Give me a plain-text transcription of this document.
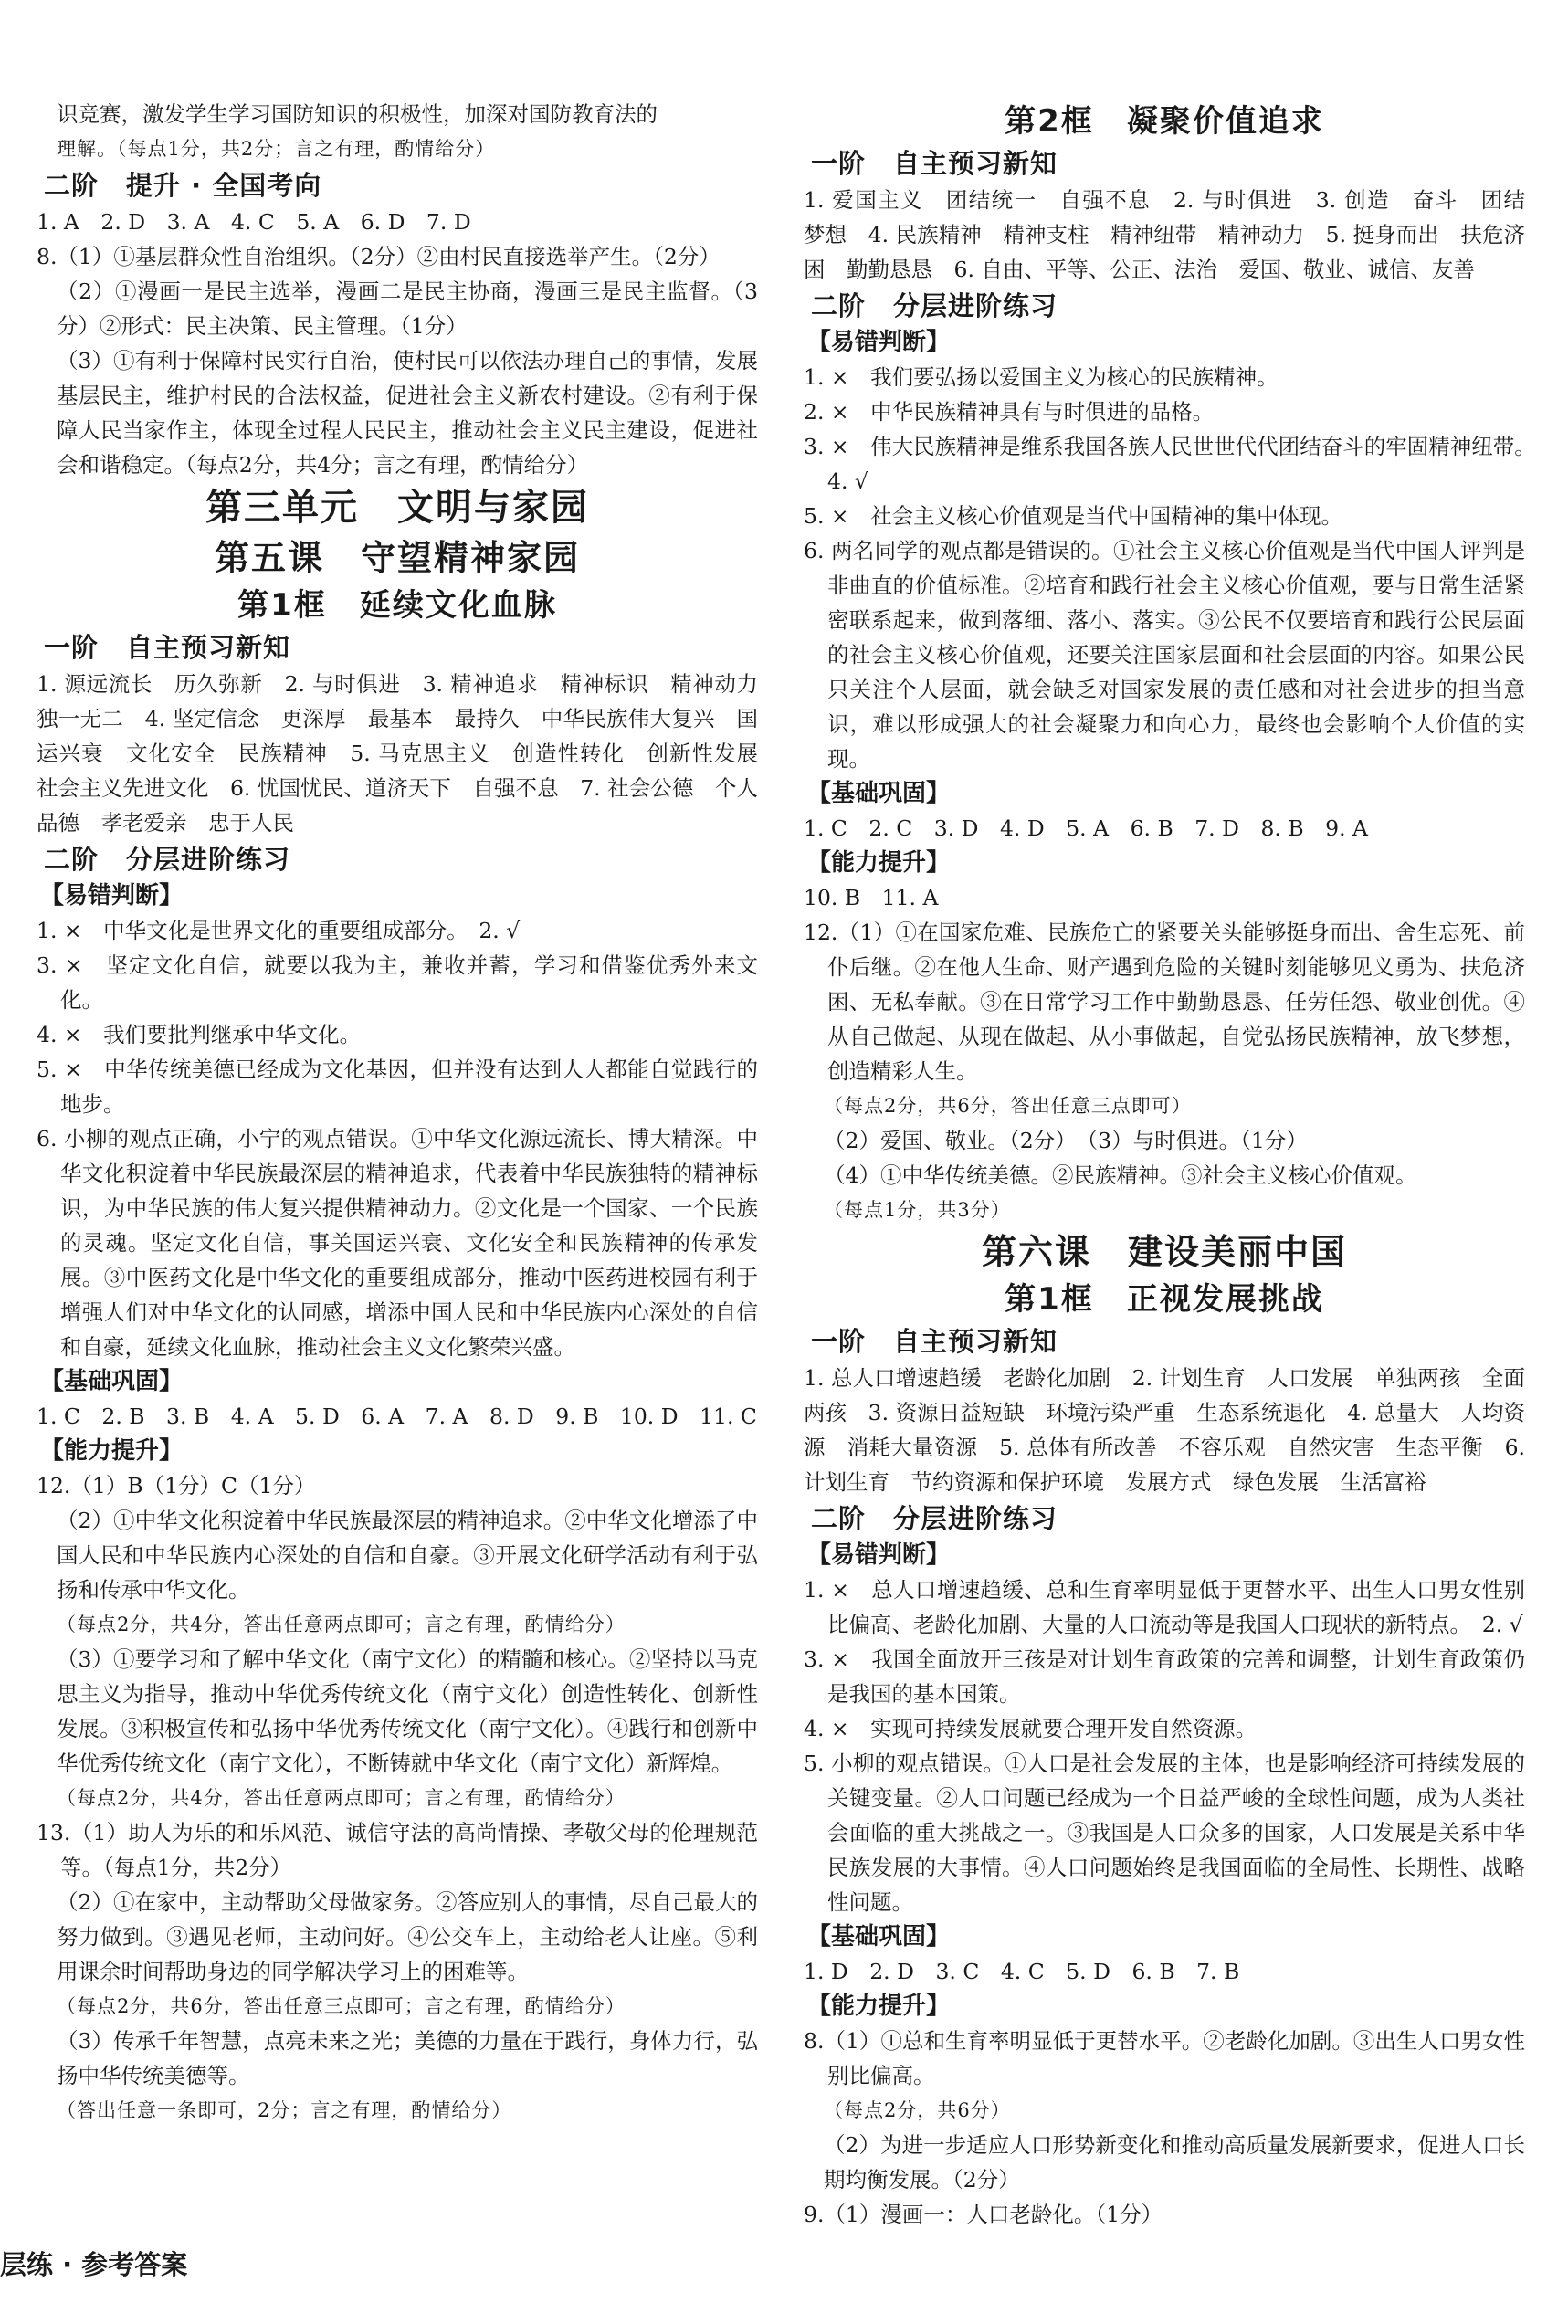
识竞赛，激发学生学习国防知识的积极性，加深对国防教育法的

理解。（每点1分，共2分；言之有理，酌情给分）

二阶　提升 · 全国考向

1. A　2. D　3. A　4. C　5. A　6. D　7. D

8.（1）①基层群众性自治组织。（2分）②由村民直接选举产生。（2分）

（2）①漫画一是民主选举，漫画二是民主协商，漫画三是民主监督。（3分）②形式：民主决策、民主管理。（1分）

（3）①有利于保障村民实行自治，使村民可以依法办理自己的事情，发展基层民主，维护村民的合法权益，促进社会主义新农村建设。②有利于保障人民当家作主，体现全过程人民民主，推动社会主义民主建设，促进社会和谐稳定。（每点2分，共4分；言之有理，酌情给分）

第三单元　文明与家园

第五课　守望精神家园

第1框　延续文化血脉

一阶　自主预习新知

1. 源远流长　历久弥新　2. 与时俱进　3. 精神追求　精神标识　精神动力　独一无二　4. 坚定信念　更深厚　最基本　最持久　中华民族伟大复兴　国运兴衰　文化安全　民族精神　5. 马克思主义　创造性转化　创新性发展　社会主义先进文化　6. 忧国忧民、道济天下　自强不息　7. 社会公德　个人品德　孝老爱亲　忠于人民

二阶　分层进阶练习

【易错判断】

1. ×　中华文化是世界文化的重要组成部分。　2. √

3. ×　坚定文化自信，就要以我为主，兼收并蓄，学习和借鉴优秀外来文化。

4. ×　我们要批判继承中华文化。

5. ×　中华传统美德已经成为文化基因，但并没有达到人人都能自觉践行的地步。

6. 小柳的观点正确，小宁的观点错误。①中华文化源远流长、博大精深。中华文化积淀着中华民族最深层的精神追求，代表着中华民族独特的精神标识，为中华民族的伟大复兴提供精神动力。②文化是一个国家、一个民族的灵魂。坚定文化自信，事关国运兴衰、文化安全和民族精神的传承发展。③中医药文化是中华文化的重要组成部分，推动中医药进校园有利于增强人们对中华文化的认同感，增添中国人民和中华民族内心深处的自信和自豪，延续文化血脉，推动社会主义文化繁荣兴盛。

【基础巩固】

1. C　2. B　3. B　4. A　5. D　6. A　7. A　8. D　9. B　10. D　11. C

【能力提升】

12.（1）B（1分）C（1分）

（2）①中华文化积淀着中华民族最深层的精神追求。②中华文化增添了中国人民和中华民族内心深处的自信和自豪。③开展文化研学活动有利于弘扬和传承中华文化。

（每点2分，共4分，答出任意两点即可；言之有理，酌情给分）

（3）①要学习和了解中华文化（南宁文化）的精髓和核心。②坚持以马克思主义为指导，推动中华优秀传统文化（南宁文化）创造性转化、创新性发展。③积极宣传和弘扬中华优秀传统文化（南宁文化）。④践行和创新中华优秀传统文化（南宁文化），不断铸就中华文化（南宁文化）新辉煌。

（每点2分，共4分，答出任意两点即可；言之有理，酌情给分）

13.（1）助人为乐的和乐风范、诚信守法的高尚情操、孝敬父母的伦理规范等。（每点1分，共2分）

（2）①在家中，主动帮助父母做家务。②答应别人的事情，尽自己最大的努力做到。③遇见老师，主动问好。④公交车上，主动给老人让座。⑤利用课余时间帮助身边的同学解决学习上的困难等。

（每点2分，共6分，答出任意三点即可；言之有理，酌情给分）

（3）传承千年智慧，点亮未来之光；美德的力量在于践行，身体力行，弘扬中华传统美德等。

（答出任意一条即可，2分；言之有理，酌情给分）

第2框　凝聚价值追求

一阶　自主预习新知

1. 爱国主义　团结统一　自强不息　2. 与时俱进　3. 创造　奋斗　团结　梦想　4. 民族精神　精神支柱　精神纽带　精神动力　5. 挺身而出　扶危济困　勤勤恳恳　6. 自由、平等、公正、法治　爱国、敬业、诚信、友善

二阶　分层进阶练习

【易错判断】

1. ×　我们要弘扬以爱国主义为核心的民族精神。

2. ×　中华民族精神具有与时俱进的品格。

3. ×　伟大民族精神是维系我国各族人民世世代代团结奋斗的牢固精神纽带。　4. √

5. ×　社会主义核心价值观是当代中国精神的集中体现。

6. 两名同学的观点都是错误的。①社会主义核心价值观是当代中国人评判是非曲直的价值标准。②培育和践行社会主义核心价值观，要与日常生活紧密联系起来，做到落细、落小、落实。③公民不仅要培育和践行公民层面的社会主义核心价值观，还要关注国家层面和社会层面的内容。如果公民只关注个人层面，就会缺乏对国家发展的责任感和对社会进步的担当意识，难以形成强大的社会凝聚力和向心力，最终也会影响个人价值的实现。

【基础巩固】

1. C　2. C　3. D　4. D　5. A　6. B　7. D　8. B　9. A

【能力提升】

10. B　11. A

12.（1）①在国家危难、民族危亡的紧要关头能够挺身而出、舍生忘死、前仆后继。②在他人生命、财产遇到危险的关键时刻能够见义勇为、扶危济困、无私奉献。③在日常学习工作中勤勤恳恳、任劳任怨、敬业创优。④从自己做起、从现在做起、从小事做起，自觉弘扬民族精神，放飞梦想，创造精彩人生。

（每点2分，共6分，答出任意三点即可）

（2）爱国、敬业。（2分）　（3）与时俱进。（1分）

（4）①中华传统美德。②民族精神。③社会主义核心价值观。

（每点1分，共3分）

第六课　建设美丽中国

第1框　正视发展挑战

一阶　自主预习新知

1. 总人口增速趋缓　老龄化加剧　2. 计划生育　人口发展　单独两孩　全面两孩　3. 资源日益短缺　环境污染严重　生态系统退化　4. 总量大　人均资源　消耗大量资源　5. 总体有所改善　不容乐观　自然灾害　生态平衡　6. 计划生育　节约资源和保护环境　发展方式　绿色发展　生活富裕

二阶　分层进阶练习

【易错判断】

1. ×　总人口增速趋缓、总和生育率明显低于更替水平、出生人口男女性别比偏高、老龄化加剧、大量的人口流动等是我国人口现状的新特点。　2. √

3. ×　我国全面放开三孩是对计划生育政策的完善和调整，计划生育政策仍是我国的基本国策。

4. ×　实现可持续发展就要合理开发自然资源。

5. 小柳的观点错误。①人口是社会发展的主体，也是影响经济可持续发展的关键变量。②人口问题已经成为一个日益严峻的全球性问题，成为人类社会面临的重大挑战之一。③我国是人口众多的国家，人口发展是关系中华民族发展的大事情。④人口问题始终是我国面临的全局性、长期性、战略性问题。

【基础巩固】

1. D　2. D　3. C　4. C　5. D　6. B　7. B

【能力提升】

8.（1）①总和生育率明显低于更替水平。②老龄化加剧。③出生人口男女性别比偏高。

（每点2分，共6分）

（2）为进一步适应人口形势新变化和推动高质量发展新要求，促进人口长期均衡发展。（2分）

9.（1）漫画一：人口老龄化。（1分）

层练 · 参考答案
